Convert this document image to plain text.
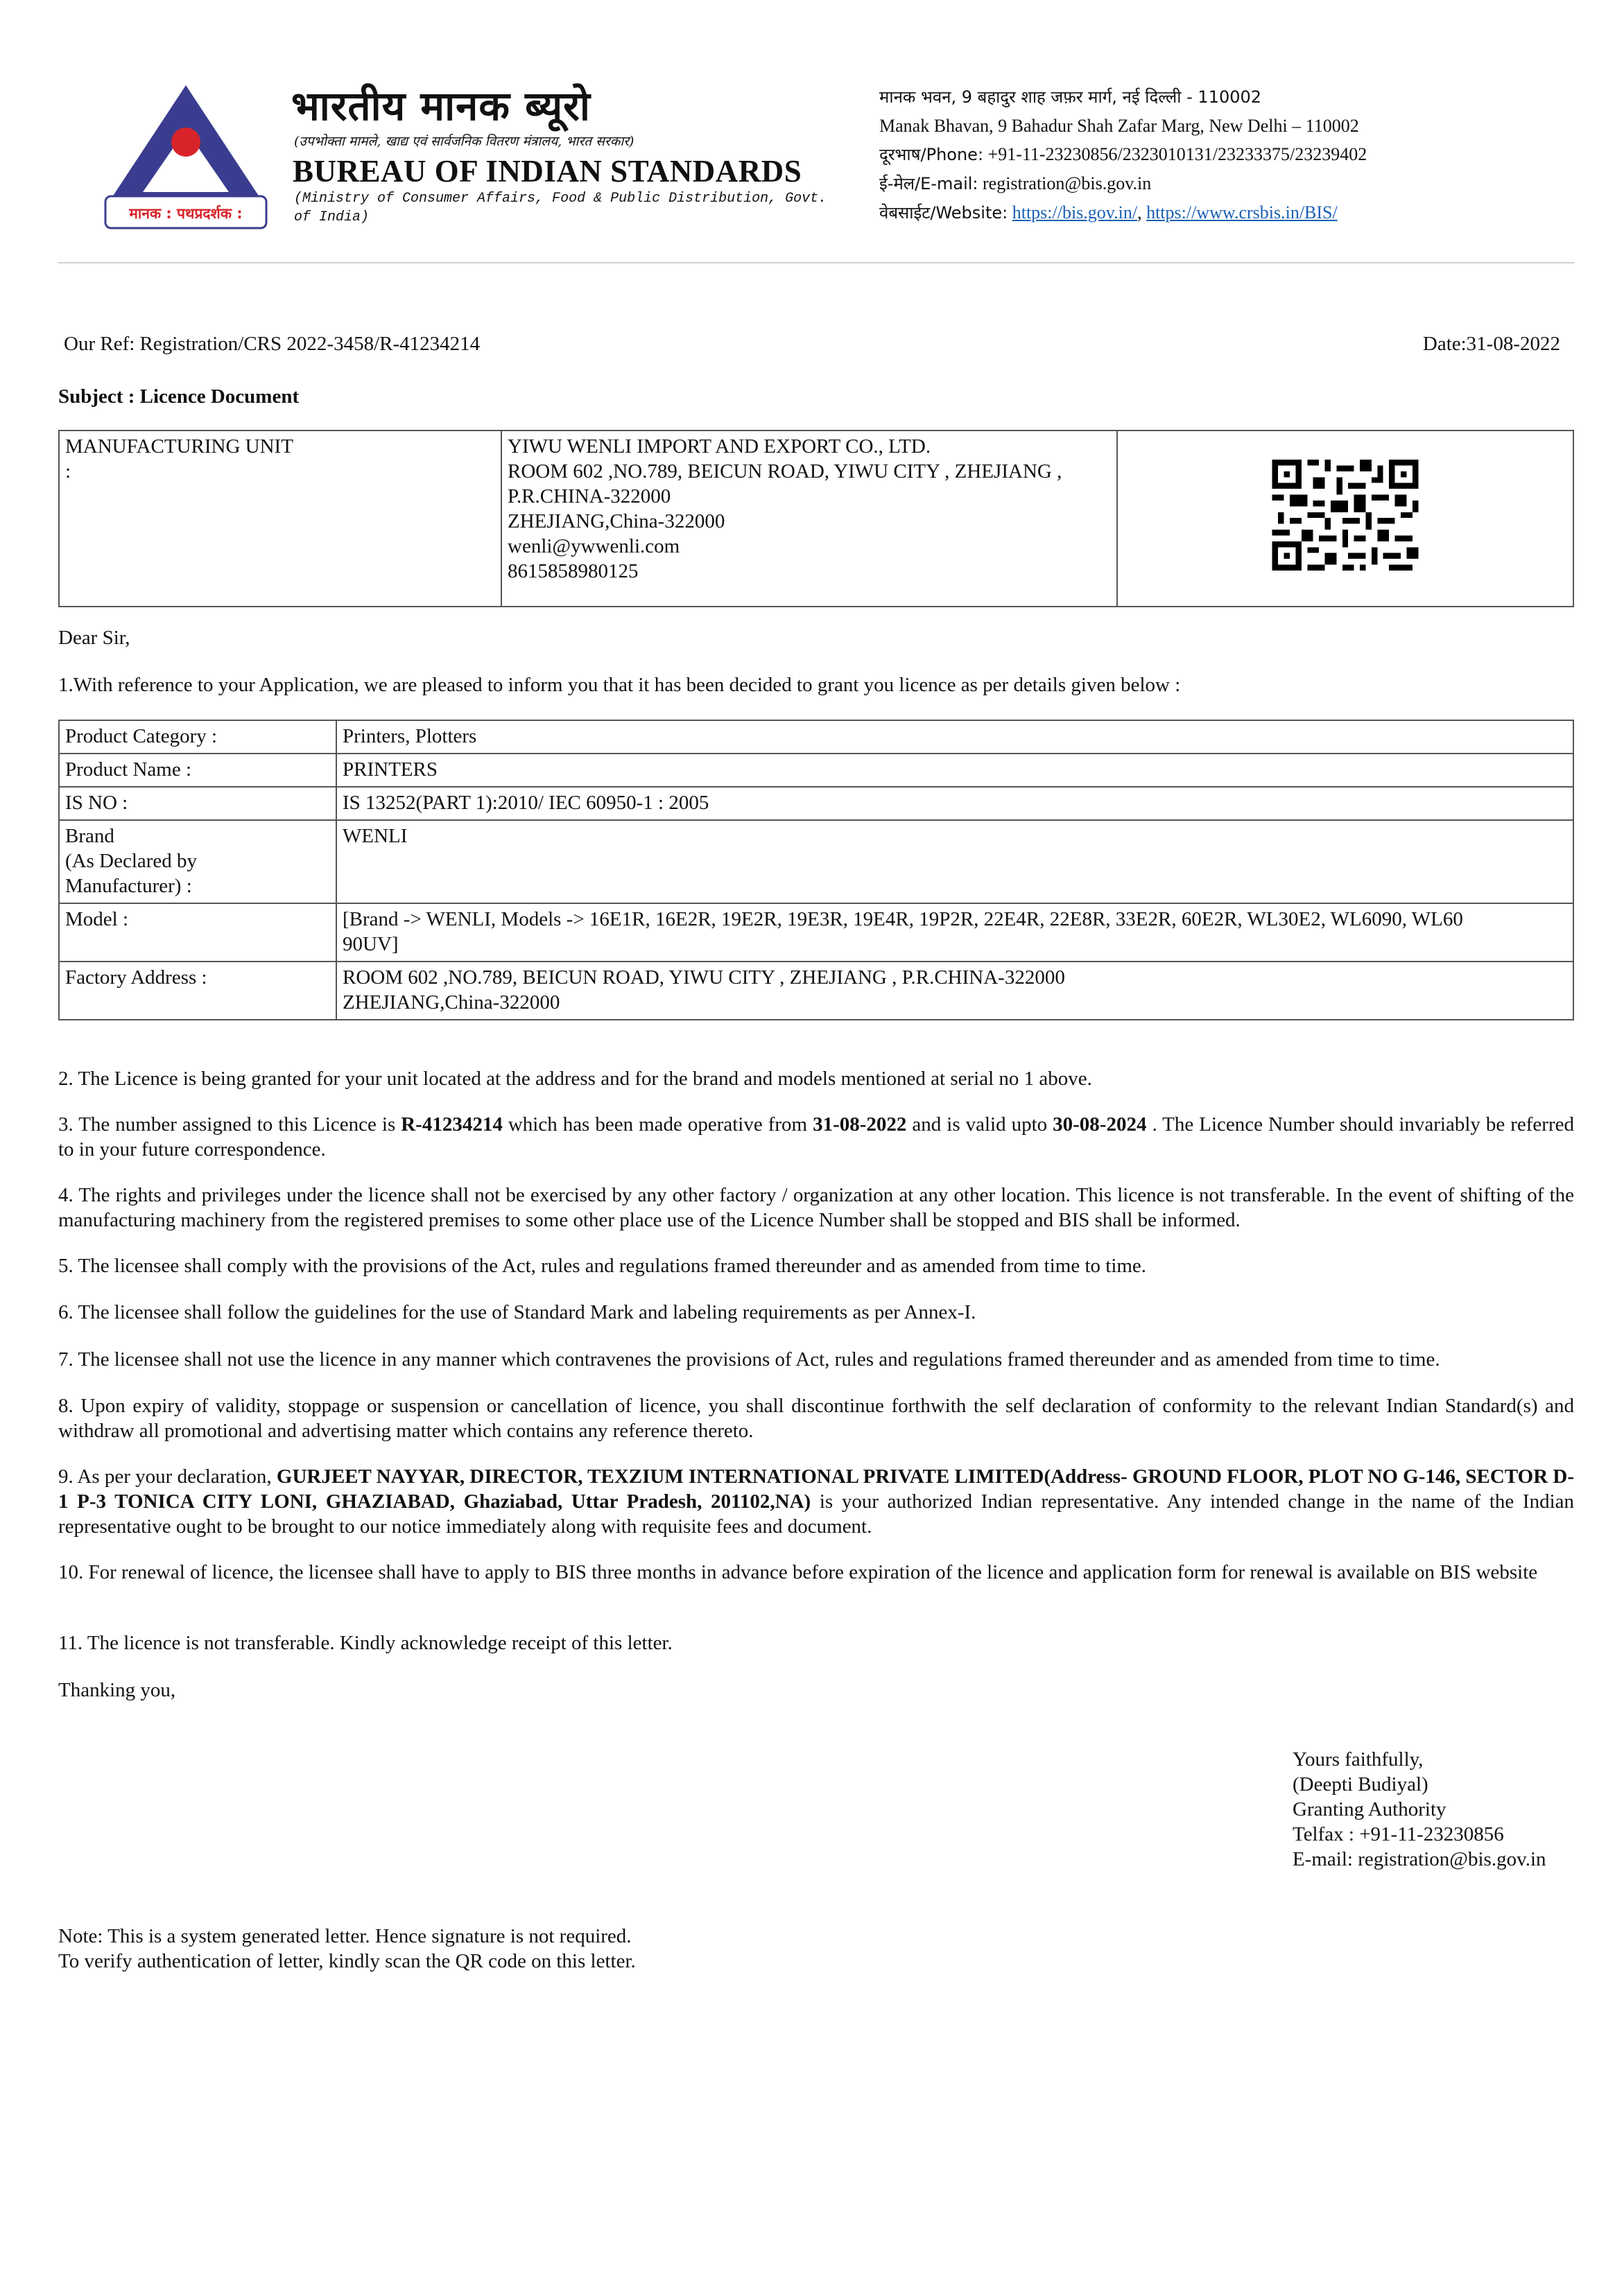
मानक : पथप्रदर्शक :
भारतीय मानक ब्यूरो
(उपभोक्ता मामले, खाद्य एवं सार्वजनिक वितरण मंत्रालय, भारत सरकार)
BUREAU OF INDIAN STANDARDS
(Ministry of Consumer Affairs, Food & Public Distribution, Govt. of India)
मानक भवन, 9 बहादुर शाह जफ़र मार्ग, नई दिल्ली - 110002
Manak Bhavan, 9 Bahadur Shah Zafar Marg, New Delhi – 110002
दूरभाष/Phone: +91-11-23230856/2323010131/23233375/23239402
ई-मेल/E-mail: registration@bis.gov.in
वेबसाईट/Website: https://bis.gov.in/, https://www.crsbis.in/BIS/
Our Ref: Registration/CRS 2022-3458/R-41234214	Date:31-08-2022
Subject : Licence Document
MANUFACTURING UNIT :

YIWU WENLI IMPORT AND EXPORT CO., LTD.
ROOM 602 ,NO.789, BEICUN ROAD, YIWU CITY , ZHEJIANG ,
P.R.CHINA-322000
ZHEJIANG,China-322000
wenli@ywwenli.com
8615858980125

Dear Sir,
1.With reference to your Application, we are pleased to inform you that it has been decided to grant you licence as per details given below :
Product Category :	Printers, Plotters
Product Name :	PRINTERS
IS NO :	IS 13252(PART 1):2010/ IEC 60950-1 : 2005
Brand
(As Declared by
Manufacturer) :	WENLI
Model :	[Brand -> WENLI, Models -> 16E1R, 16E2R, 19E2R, 19E3R, 19E4R, 19P2R, 22E4R, 22E8R, 33E2R, 60E2R, WL30E2, WL6090, WL60
90UV]
Factory Address :	ROOM 602 ,NO.789, BEICUN ROAD, YIWU CITY , ZHEJIANG , P.R.CHINA-322000
ZHEJIANG,China-322000
2. The Licence is being granted for your unit located at the address and for the brand and models mentioned at serial no 1 above.
3. The number assigned to this Licence is R-41234214 which has been made operative from 31-08-2022 and is valid upto 30-08-2024 . The Licence Number should invariably be referred to in your future correspondence.
4. The rights and privileges under the licence shall not be exercised by any other factory / organization at any other location. This licence is not transferable. In the event of shifting of the manufacturing machinery from the registered premises to some other place use of the Licence Number shall be stopped and BIS shall be informed.
5. The licensee shall comply with the provisions of the Act, rules and regulations framed thereunder and as amended from time to time.
6. The licensee shall follow the guidelines for the use of Standard Mark and labeling requirements as per Annex-I.
7. The licensee shall not use the licence in any manner which contravenes the provisions of Act, rules and regulations framed thereunder and as amended from time to time.
8. Upon expiry of validity, stoppage or suspension or cancellation of licence, you shall discontinue forthwith the self declaration of conformity to the relevant Indian Standard(s) and withdraw all promotional and advertising matter which contains any reference thereto.
9. As per your declaration, GURJEET NAYYAR, DIRECTOR, TEXZIUM INTERNATIONAL PRIVATE LIMITED(Address- GROUND FLOOR, PLOT NO G-146, SECTOR D-1 P-3 TONICA CITY LONI, GHAZIABAD, Ghaziabad, Uttar Pradesh, 201102,NA) is your authorized Indian representative. Any intended change in the name of the Indian representative ought to be brought to our notice immediately along with requisite fees and document.
10. For renewal of licence, the licensee shall have to apply to BIS three months in advance before expiration of the licence and application form for renewal is available on BIS website
11. The licence is not transferable. Kindly acknowledge receipt of this letter.
Thanking you,
Yours faithfully,
(Deepti Budiyal)
Granting Authority
Telfax : +91-11-23230856
E-mail: registration@bis.gov.in
Note: This is a system generated letter. Hence signature is not required.
To verify authentication of letter, kindly scan the QR code on this letter.
